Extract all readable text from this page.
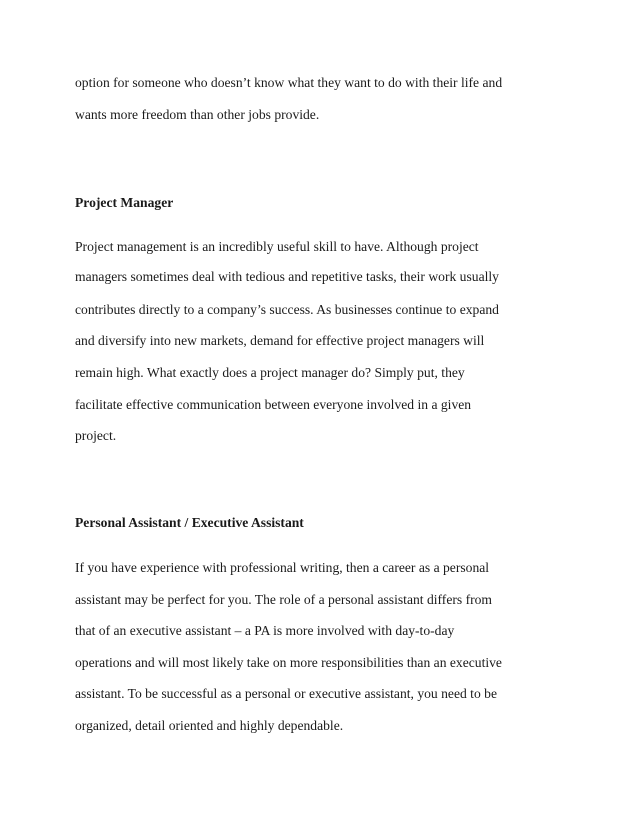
option for someone who doesn’t know what they want to do with their life and
wants more freedom than other jobs provide.
Project Manager
Project management is an incredibly useful skill to have. Although project
managers sometimes deal with tedious and repetitive tasks, their work usually
contributes directly to a company’s success. As businesses continue to expand
and diversify into new markets, demand for effective project managers will
remain high. What exactly does a project manager do? Simply put, they
facilitate effective communication between everyone involved in a given
project.
Personal Assistant / Executive Assistant
If you have experience with professional writing, then a career as a personal
assistant may be perfect for you. The role of a personal assistant differs from
that of an executive assistant – a PA is more involved with day-to-day
operations and will most likely take on more responsibilities than an executive
assistant. To be successful as a personal or executive assistant, you need to be
organized, detail oriented and highly dependable.
